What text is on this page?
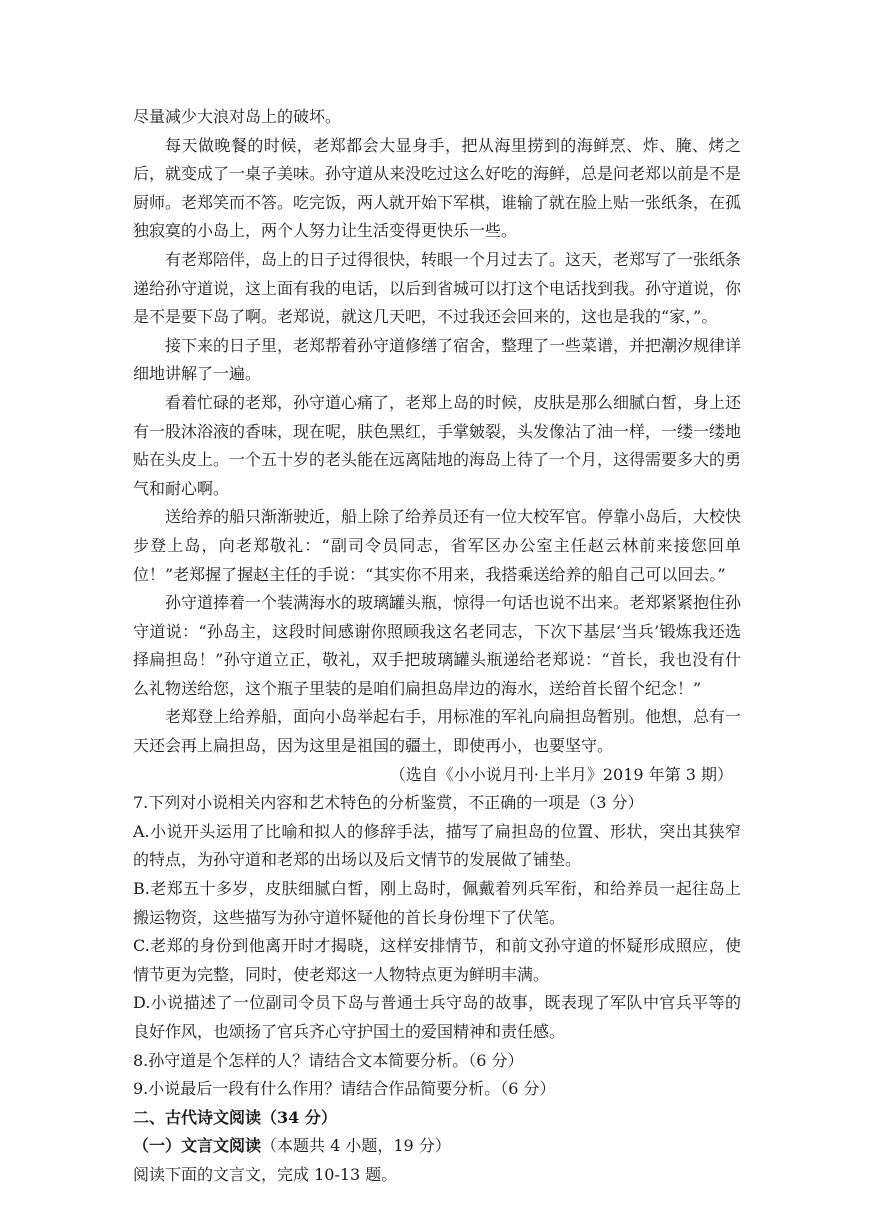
尽量减少大浪对岛上的破坏。

每天做晚餐的时候，老郑都会大显身手，把从海里捞到的海鲜烹、炸、腌、烤之后，就变成了一桌子美味。孙守道从来没吃过这么好吃的海鲜，总是问老郑以前是不是厨师。老郑笑而不答。吃完饭，两人就开始下军棋，谁输了就在脸上贴一张纸条，在孤独寂寞的小岛上，两个人努力让生活变得更快乐一些。

有老郑陪伴，岛上的日子过得很快，转眼一个月过去了。这天，老郑写了一张纸条递给孙守道说，这上面有我的电话，以后到省城可以打这个电话找到我。孙守道说，你是不是要下岛了啊。老郑说，就这几天吧，不过我还会回来的，这也是我的“家，”。

接下来的日子里，老郑帮着孙守道修缮了宿舍，整理了一些菜谱，并把潮汐规律详细地讲解了一遍。

看着忙碌的老郑，孙守道心痛了，老郑上岛的时候，皮肤是那么细腻白皙，身上还有一股沐浴液的香味，现在呢，肤色黑红，手掌皴裂，头发像沾了油一样，一缕一缕地贴在头皮上。一个五十岁的老头能在远离陆地的海岛上待了一个月，这得需要多大的勇气和耐心啊。

送给养的船只渐渐驶近，船上除了给养员还有一位大校军官。停靠小岛后，大校快步登上岛，向老郑敬礼：“副司令员同志，省军区办公室主任赵云林前来接您回单位！”老郑握了握赵主任的手说：“其实你不用来，我搭乘送给养的船自己可以回去。”

孙守道捧着一个装满海水的玻璃罐头瓶，惊得一句话也说不出来。老郑紧紧抱住孙守道说：“孙岛主，这段时间感谢你照顾我这名老同志，下次下基层‘当兵’锻炼我还选择扁担岛！”孙守道立正，敬礼，双手把玻璃罐头瓶递给老郑说：“首长，我也没有什么礼物送给您，这个瓶子里装的是咱们扁担岛岸边的海水，送给首长留个纪念！”

老郑登上给养船，面向小岛举起右手，用标准的军礼向扁担岛暂别。他想，总有一天还会再上扁担岛，因为这里是祖国的疆土，即使再小，也要坚守。

（选自《小小说月刊·上半月》2019 年第 3 期）

7.下列对小说相关内容和艺术特色的分析鉴赏，不正确的一项是（3 分）

A.小说开头运用了比喻和拟人的修辞手法，描写了扁担岛的位置、形状，突出其狭窄的特点，为孙守道和老郑的出场以及后文情节的发展做了铺垫。

B.老郑五十多岁，皮肤细腻白皙，刚上岛时，佩戴着列兵军衔，和给养员一起往岛上搬运物资，这些描写为孙守道怀疑他的首长身份埋下了伏笔。

C.老郑的身份到他离开时才揭晓，这样安排情节，和前文孙守道的怀疑形成照应，使情节更为完整，同时，使老郑这一人物特点更为鲜明丰满。

D.小说描述了一位副司令员下岛与普通士兵守岛的故事，既表现了军队中官兵平等的良好作风，也颂扬了官兵齐心守护国土的爱国精神和责任感。

8.孙守道是个怎样的人？请结合文本简要分析。（6 分）

9.小说最后一段有什么作用？请结合作品简要分析。（6 分）

二、古代诗文阅读（34 分）

（一）文言文阅读（本题共 4 小题，19 分）

阅读下面的文言文，完成 10-13 题。
